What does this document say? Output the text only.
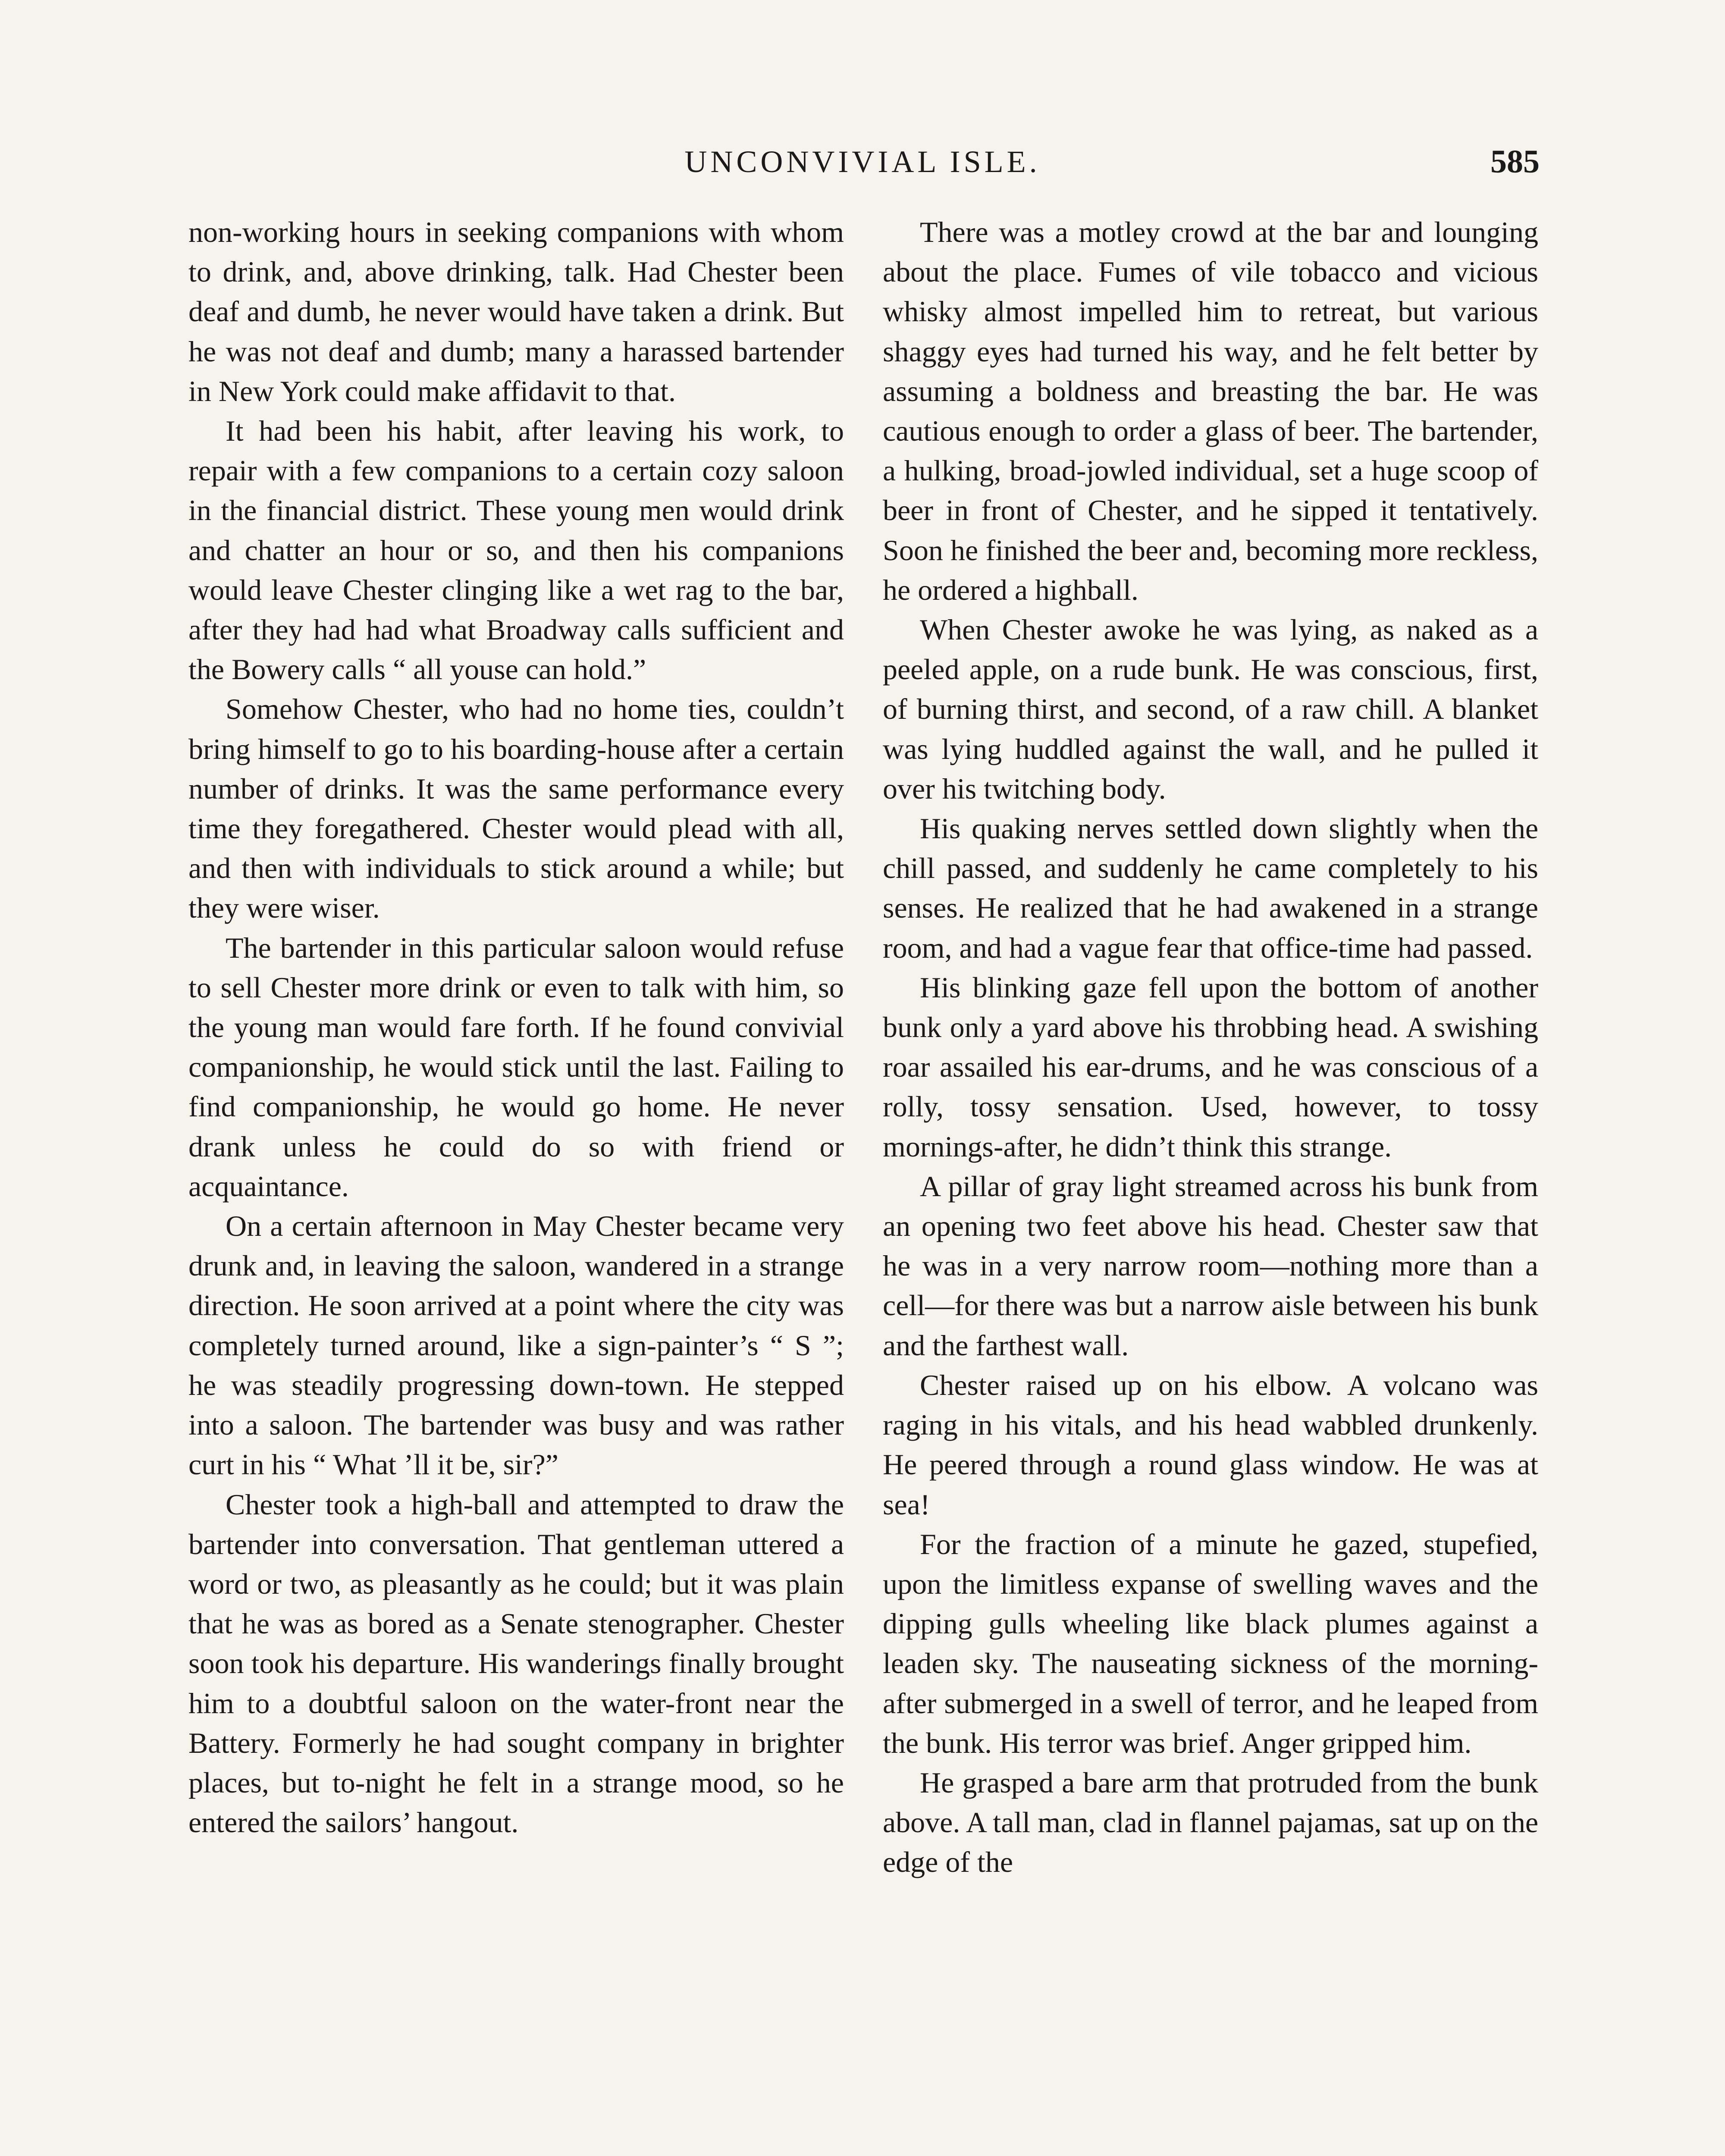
UNCONVIVIAL ISLE.	585

non-working hours in seeking companions with whom to drink, and, above drinking, talk. Had Chester been deaf and dumb, he never would have taken a drink. But he was not deaf and dumb; many a harassed bartender in New York could make affidavit to that.

It had been his habit, after leaving his work, to repair with a few companions to a certain cozy saloon in the financial district. These young men would drink and chatter an hour or so, and then his companions would leave Chester clinging like a wet rag to the bar, after they had had what Broadway calls sufficient and the Bowery calls “ all youse can hold.”

Somehow Chester, who had no home ties, couldn’t bring himself to go to his boarding-house after a certain number of drinks. It was the same performance every time they foregathered. Chester would plead with all, and then with individuals to stick around a while; but they were wiser.

The bartender in this particular saloon would refuse to sell Chester more drink or even to talk with him, so the young man would fare forth. If he found convivial companionship, he would stick until the last. Failing to find companionship, he would go home. He never drank unless he could do so with friend or acquaintance.

On a certain afternoon in May Chester became very drunk and, in leaving the saloon, wandered in a strange direction. He soon arrived at a point where the city was completely turned around, like a sign-painter’s “ S ”; he was steadily progressing down-town. He stepped into a saloon. The bartender was busy and was rather curt in his “ What ’ll it be, sir?”

Chester took a high-ball and attempted to draw the bartender into conversation. That gentleman uttered a word or two, as pleasantly as he could; but it was plain that he was as bored as a Senate stenographer. Chester soon took his departure. His wanderings finally brought him to a doubtful saloon on the water-front near the Battery. Formerly he had sought company in brighter places, but to-night he felt in a strange mood, so he entered the sailors’ hangout.

There was a motley crowd at the bar and lounging about the place. Fumes of vile tobacco and vicious whisky almost impelled him to retreat, but various shaggy eyes had turned his way, and he felt better by assuming a boldness and breasting the bar. He was cautious enough to order a glass of beer. The bartender, a hulking, broad-jowled individual, set a huge scoop of beer in front of Chester, and he sipped it tentatively. Soon he finished the beer and, becoming more reckless, he ordered a highball.

When Chester awoke he was lying, as naked as a peeled apple, on a rude bunk. He was conscious, first, of burning thirst, and second, of a raw chill. A blanket was lying huddled against the wall, and he pulled it over his twitching body.

His quaking nerves settled down slightly when the chill passed, and suddenly he came completely to his senses. He realized that he had awakened in a strange room, and had a vague fear that office-time had passed.

His blinking gaze fell upon the bottom of another bunk only a yard above his throbbing head. A swishing roar assailed his ear-drums, and he was conscious of a rolly, tossy sensation. Used, however, to tossy mornings-after, he didn’t think this strange.

A pillar of gray light streamed across his bunk from an opening two feet above his head. Chester saw that he was in a very narrow room—nothing more than a cell—for there was but a narrow aisle between his bunk and the farthest wall.

Chester raised up on his elbow. A volcano was raging in his vitals, and his head wabbled drunkenly. He peered through a round glass window. He was at sea!

For the fraction of a minute he gazed, stupefied, upon the limitless expanse of swelling waves and the dipping gulls wheeling like black plumes against a leaden sky. The nauseating sickness of the morning-after submerged in a swell of terror, and he leaped from the bunk. His terror was brief. Anger gripped him.

He grasped a bare arm that protruded from the bunk above. A tall man, clad in flannel pajamas, sat up on the edge of the
